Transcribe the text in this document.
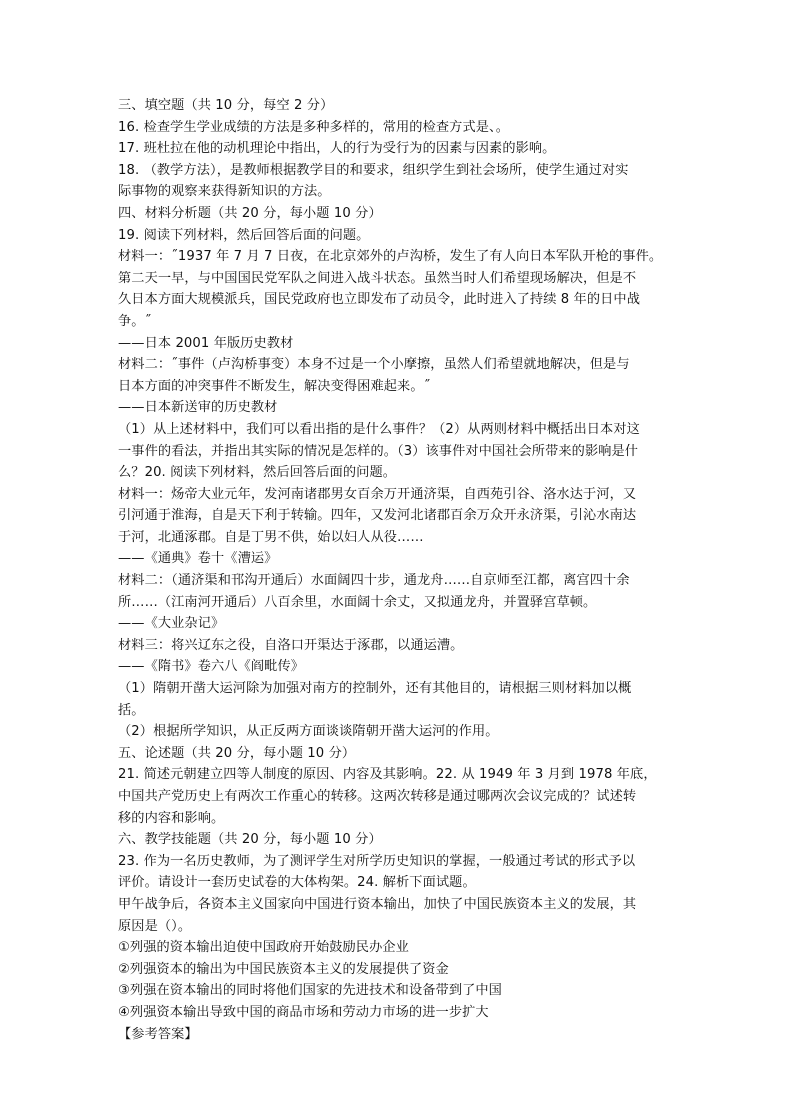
三、填空题（共 10 分，每空 2 分）
16. 检查学生学业成绩的方法是多种多样的，常用的检查方式是、。
17. 班杜拉在他的动机理论中指出，人的行为受行为的因素与因素的影响。
18. （教学方法），是教师根据教学目的和要求，组织学生到社会场所，使学生通过对实
际事物的观察来获得新知识的方法。
四、材料分析题（共 20 分，每小题 10 分）
19. 阅读下列材料，然后回答后面的问题。
材料一：˝1937 年 7 月 7 日夜，在北京郊外的卢沟桥，发生了有人向日本军队开枪的事件。
第二天一早，与中国国民党军队之间进入战斗状态。虽然当时人们希望现场解决，但是不
久日本方面大规模派兵，国民党政府也立即发布了动员令，此时进入了持续 8 年的日中战
争。˝
——日本 2001 年版历史教材
材料二：˝事件（卢沟桥事变）本身不过是一个小摩擦，虽然人们希望就地解决，但是与
日本方面的冲突事件不断发生，解决变得困难起来。˝
——日本新送审的历史教材
（1）从上述材料中，我们可以看出指的是什么事件？（2）从两则材料中概括出日本对这
一事件的看法，并指出其实际的情况是怎样的。（3）该事件对中国社会所带来的影响是什
么？20. 阅读下列材料，然后回答后面的问题。
材料一：炀帝大业元年，发河南诸郡男女百余万开通济渠，自西苑引谷、洛水达于河，又
引河通于淮海，自是天下利于转输。四年，又发河北诸郡百余万众开永济渠，引沁水南达
于河，北通涿郡。自是丁男不供，始以妇人从役……
——《通典》卷十《漕运》
材料二：（通济渠和邗沟开通后）水面阔四十步，通龙舟……自京师至江都，离宫四十余
所……（江南河开通后）八百余里，水面阔十余丈，又拟通龙舟，并置驿宫草顿。
——《大业杂记》
材料三：将兴辽东之役，自洛口开渠达于涿郡，以通运漕。
——《隋书》卷六八《阎毗传》
（1）隋朝开凿大运河除为加强对南方的控制外，还有其他目的，请根据三则材料加以概
括。
（2）根据所学知识，从正反两方面谈谈隋朝开凿大运河的作用。
五、论述题（共 20 分，每小题 10 分）
21. 简述元朝建立四等人制度的原因、内容及其影响。22. 从 1949 年 3 月到 1978 年底，
中国共产党历史上有两次工作重心的转移。这两次转移是通过哪两次会议完成的？试述转
移的内容和影响。
六、教学技能题（共 20 分，每小题 10 分）
23. 作为一名历史教师，为了测评学生对所学历史知识的掌握，一般通过考试的形式予以
评价。请设计一套历史试卷的大体构架。24. 解析下面试题。
甲午战争后，各资本主义国家向中国进行资本输出，加快了中国民族资本主义的发展，其
原因是（）。
①列强的资本输出迫使中国政府开始鼓励民办企业
②列强资本的输出为中国民族资本主义的发展提供了资金
③列强在资本输出的同时将他们国家的先进技术和设备带到了中国
④列强资本输出导致中国的商品市场和劳动力市场的进一步扩大
【参考答案】
